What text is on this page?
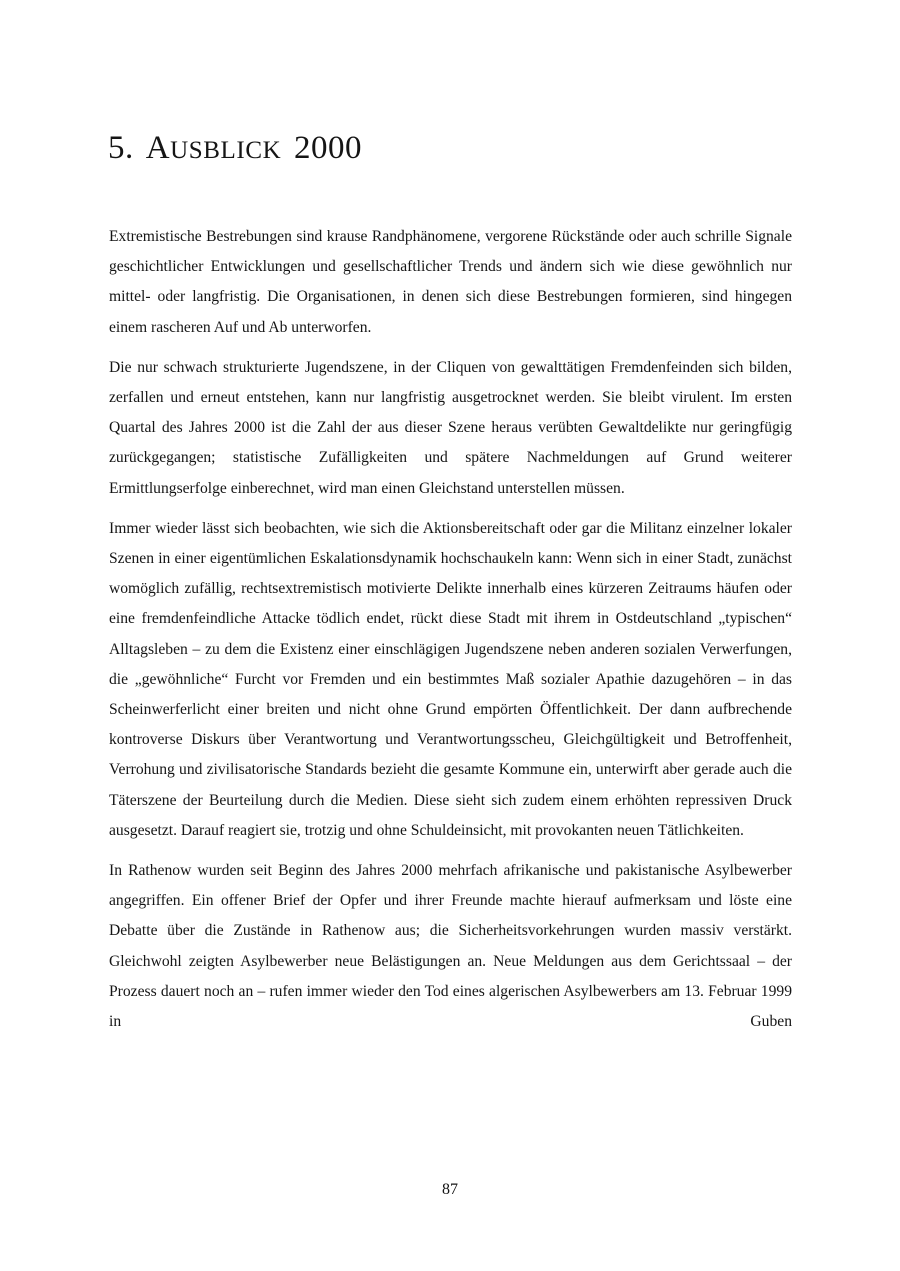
5. AUSBLICK 2000

Extremistische Bestrebungen sind krause Randphänomene, vergorene Rückstände oder auch schrille Signale geschichtlicher Entwicklungen und gesellschaftlicher Trends und ändern sich wie diese gewöhnlich nur mittel- oder langfristig. Die Organisationen, in denen sich diese Bestrebungen formieren, sind hingegen einem rascheren Auf und Ab unterworfen.

Die nur schwach strukturierte Jugendszene, in der Cliquen von gewalttätigen Fremdenfeinden sich bilden, zerfallen und erneut entstehen, kann nur langfristig ausgetrocknet werden. Sie bleibt virulent. Im ersten Quartal des Jahres 2000 ist die Zahl der aus dieser Szene heraus verübten Gewaltdelikte nur geringfügig zurückgegangen; statistische Zufälligkeiten und spätere Nachmeldungen auf Grund weiterer Ermittlungserfolge einberechnet, wird man einen Gleichstand unterstellen müssen.

Immer wieder lässt sich beobachten, wie sich die Aktionsbereitschaft oder gar die Militanz einzelner lokaler Szenen in einer eigentümlichen Eskalationsdynamik hochschaukeln kann: Wenn sich in einer Stadt, zunächst womöglich zufällig, rechtsextremistisch motivierte Delikte innerhalb eines kürzeren Zeitraums häufen oder eine fremdenfeindliche Attacke tödlich endet, rückt diese Stadt mit ihrem in Ostdeutschland „typischen“ Alltagsleben – zu dem die Existenz einer einschlägigen Jugendszene neben anderen sozialen Verwerfungen, die „gewöhnliche“ Furcht vor Fremden und ein bestimmtes Maß sozialer Apathie dazugehören – in das Scheinwerferlicht einer breiten und nicht ohne Grund empörten Öffentlichkeit. Der dann aufbrechende kontroverse Diskurs über Verantwortung und Verantwortungsscheu, Gleichgültigkeit und Betroffenheit, Verrohung und zivilisatorische Standards bezieht die gesamte Kommune ein, unterwirft aber gerade auch die Täterszene der Beurteilung durch die Medien. Diese sieht sich zudem einem erhöhten repressiven Druck ausgesetzt. Darauf reagiert sie, trotzig und ohne Schuldeinsicht, mit provokanten neuen Tätlichkeiten.

In Rathenow wurden seit Beginn des Jahres 2000 mehrfach afrikanische und pakistanische Asylbewerber angegriffen. Ein offener Brief der Opfer und ihrer Freunde machte hierauf aufmerksam und löste eine Debatte über die Zustände in Rathenow aus; die Sicherheitsvorkehrungen wurden massiv verstärkt. Gleichwohl zeigten Asylbewerber neue Belästigungen an. Neue Meldungen aus dem Gerichtssaal – der Prozess dauert noch an – rufen immer wieder den Tod eines algerischen Asylbewerbers am 13. Februar 1999 in Guben

87
